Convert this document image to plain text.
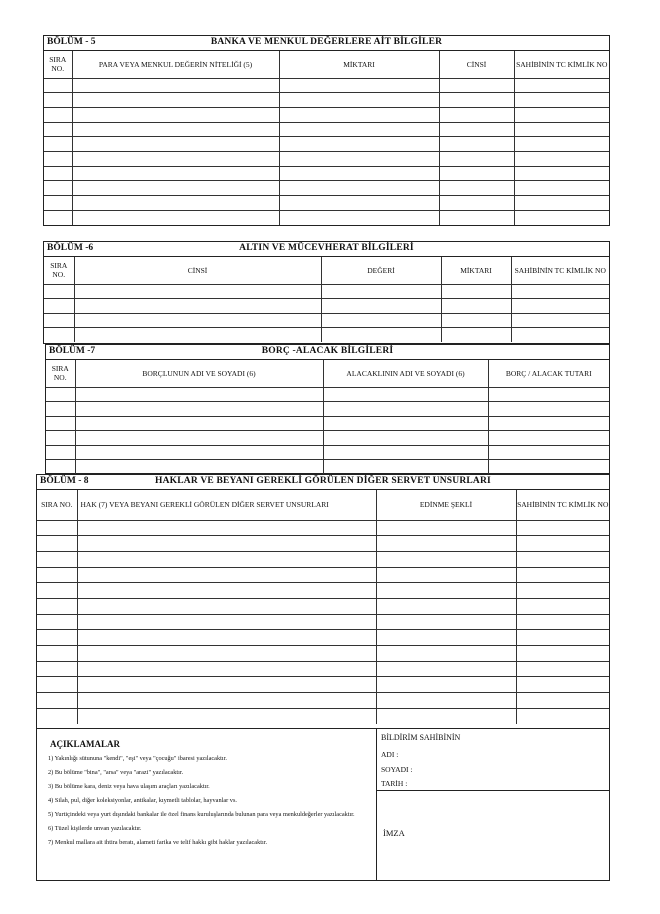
BÖLÜM - 5	BANKA VE MENKUL DEĞERLERE AİT BİLGİLER
SIRA NO.	PARA VEYA MENKUL DEĞERİN NİTELİĞİ (5)	MİKTARI	CİNSİ	SAHİBİNİN TC KİMLİK NO

BÖLÜM -6	ALTIN VE MÜCEVHERAT BİLGİLERİ
SIRA NO.	CİNSİ	DEĞERİ	MİKTARI	SAHİBİNİN TC KİMLİK NO

BÖLÜM -7	BORÇ -ALACAK BİLGİLERİ
SIRA NO.	BORÇLUNUN ADI VE SOYADI (6)	ALACAKLININ ADI VE SOYADI (6)	BORÇ / ALACAK TUTARI

BÖLÜM - 8	HAKLAR VE BEYANI GEREKLİ GÖRÜLEN DİĞER SERVET UNSURLARI
SIRA NO.	HAK (7) VEYA BEYANI GEREKLİ GÖRÜLEN DİĞER SERVET UNSURLARI	EDİNME ŞEKLİ	SAHİBİNİN TC KİMLİK NO

AÇIKLAMALAR
1) Yakınlığı sütununa "kendi", "eşi" veya "çocuğu" ibaresi yazılacaktır.
2) Bu bölüme "bina", "arsa" veya "arazi" yazılacaktır.
3) Bu bölüme kara, deniz veya hava ulaşım araçları yazılacaktır.
4) Silah, pul, diğer koleksiyonlar, antikalar, kıymetli tablolar, hayvanlar vs.
5) Yurtiçindeki veya yurt dışındaki bankalar ile özel finans kuruluşlarında bulunan para veya menkuldeğerler yazılacaktır.
6) Tüzel kişilerde unvan yazılacaktır.
7) Menkul mallara ait ihtira beratı, alameti farika ve telif hakkı gibi haklar yazılacaktır.
BİLDİRİM SAHİBİNİN
ADI :
SOYADI :
TARİH :
İMZA
